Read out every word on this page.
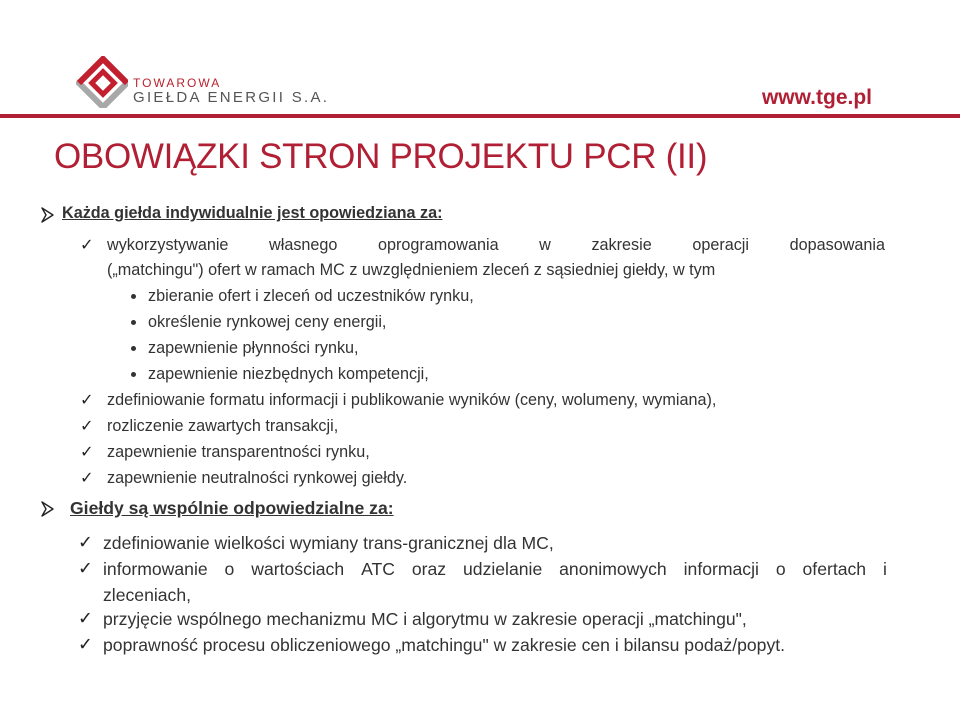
TOWAROWA
GIEŁDA ENERGII S.A.	www.tge.pl
OBOWIĄZKI STRON PROJEKTU PCR (II)
Każda giełda indywidualnie jest opowiedziana za:
✓ wykorzystywanie	własnego	oprogramowania	w	zakresie	operacji	dopasowania
(„matchingu") ofert w ramach MC z uwzględnieniem zleceń z sąsiedniej giełdy, w tym
zbieranie ofert i zleceń od uczestników rynku,
określenie rynkowej ceny energii,
zapewnienie płynności rynku,
zapewnienie niezbędnych kompetencji,
✓ zdefiniowanie formatu informacji i publikowanie wyników (ceny, wolumeny, wymiana),
✓ rozliczenie zawartych transakcji,
✓ zapewnienie transparentności rynku,
✓ zapewnienie neutralności rynkowej giełdy.
Giełdy są wspólnie odpowiedzialne za:
✓ zdefiniowanie wielkości wymiany trans-granicznej dla MC,
✓ informowanie o wartościach ATC oraz udzielanie anonimowych informacji o ofertach i
zleceniach,
✓ przyjęcie wspólnego mechanizmu MC i algorytmu w zakresie operacji „matchingu",
✓ poprawność procesu obliczeniowego „matchingu" w zakresie cen i bilansu podaż/popyt.
